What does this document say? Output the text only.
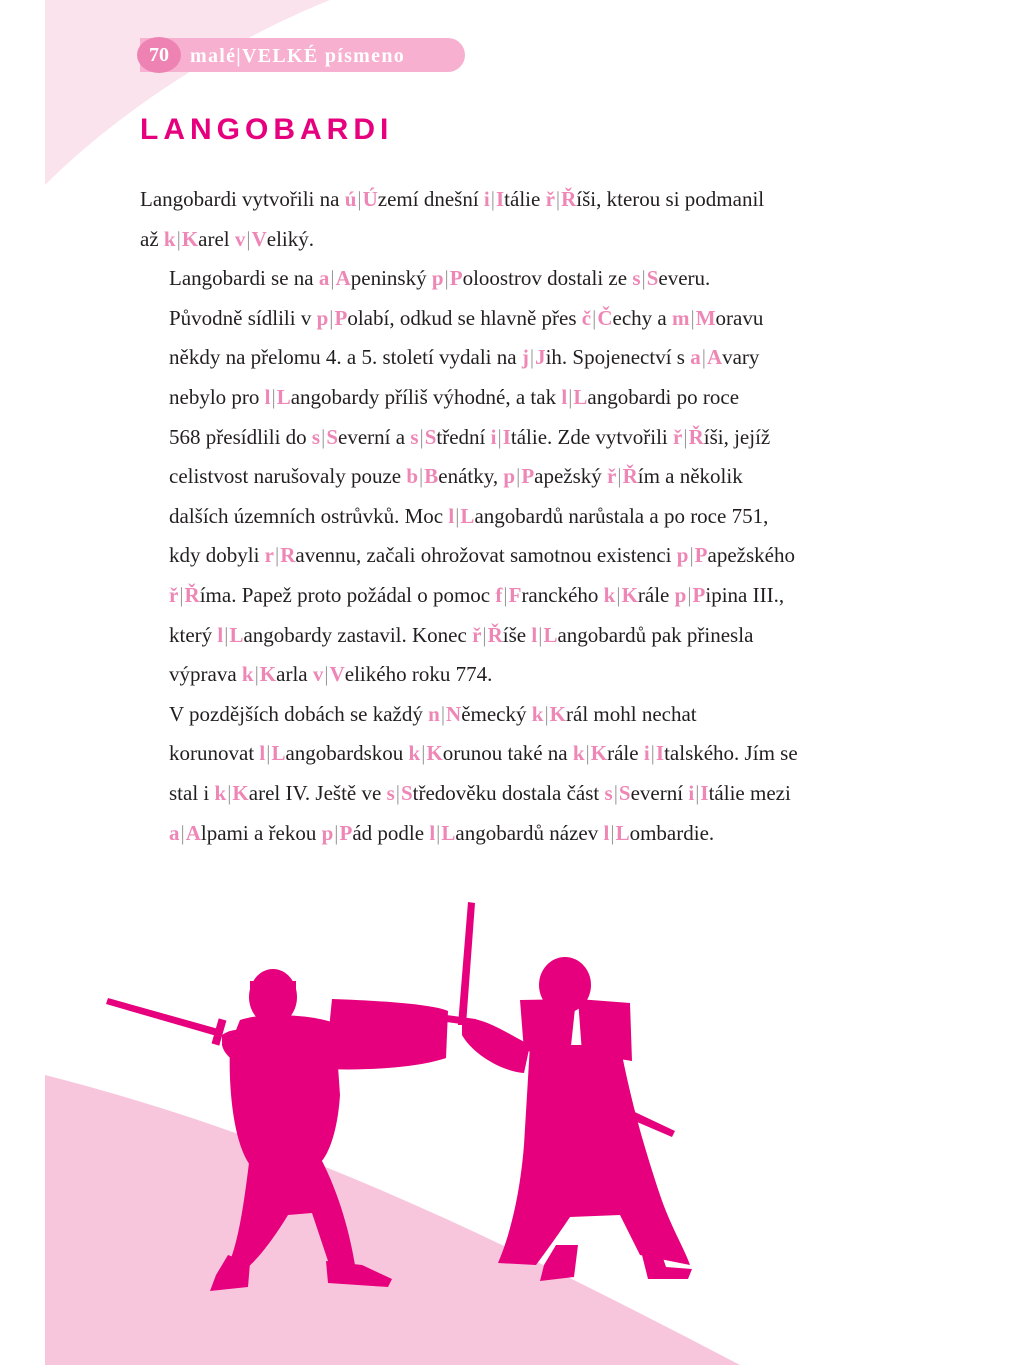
70	malé|VELKÉ písmeno
LANGOBARDI

Langobardi vytvořili na ú|Území dnešní i|Itálie ř|Říši, kterou si podmanil
až k|Karel v|Veliký.

Langobardi se na a|Apeninský p|Poloostrov dostali ze s|Severu.
Původně sídlili v p|Polabí, odkud se hlavně přes č|Čechy a m|Moravu
někdy na přelomu 4. a 5. století vydali na j|Jih. Spojenectví s a|Avary
nebylo pro l|Langobardy příliš výhodné, a tak l|Langobardi po roce
568 přesídlili do s|Severní a s|Střední i|Itálie. Zde vytvořili ř|Říši, jejíž
celistvost narušovaly pouze b|Benátky, p|Papežský ř|Řím a několik
dalších územních ostrůvků. Moc l|Langobardů narůstala a po roce 751,
kdy dobyli r|Ravennu, začali ohrožovat samotnou existenci p|Papežského
ř|Říma. Papež proto požádal o pomoc f|Franckého k|Krále p|Pipina III.,
který l|Langobardy zastavil. Konec ř|Říše l|Langobardů pak přinesla
výprava k|Karla v|Velikého roku 774.

V pozdějších dobách se každý n|Německý k|Král mohl nechat
korunovat l|Langobardskou k|Korunou také na k|Krále i|Italského. Jím se
stal i k|Karel IV. Ještě ve s|Středověku dostala část s|Severní i|Itálie mezi
a|Alpami a řekou p|Pád podle l|Langobardů název l|Lombardie.
